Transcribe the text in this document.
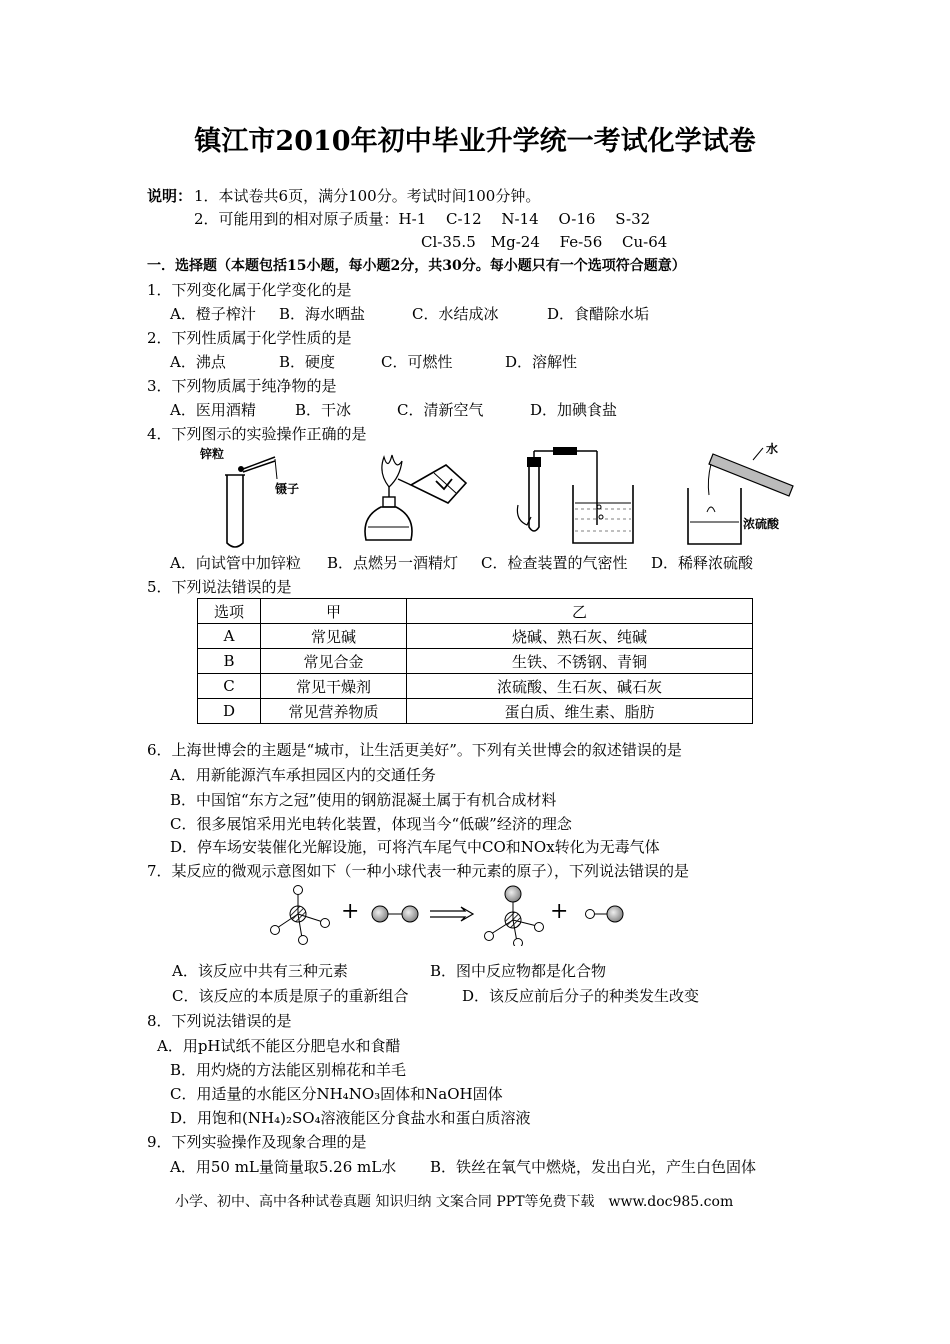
镇江市2010年初中毕业升学统一考试化学试卷
说明： 1．本试卷共6页，满分100分。考试时间100分钟。
2．可能用到的相对原子质量：H-1　 C-12　 N-14　 O-16　 S-32
Cl-35.5　Mg-24　 Fe-56　 Cu-64
一．选择题（本题包括15小题，每小题2分，共30分。每小题只有一个选项符合题意）
1．下列变化属于化学变化的是
A．橙子榨汁 B．海水晒盐	C．水结成冰	D．食醋除水垢
2．下列性质属于化学性质的是
A．沸点	B．硬度	C．可燃性	D．溶解性
3．下列物质属于纯净物的是
A．医用酒精	B．干冰	C．清新空气	D．加碘食盐
4．下列图示的实验操作正确的是
锌粒
镊子
水
浓硫酸
A．向试管中加锌粒 B．点燃另一酒精灯 C．检查装置的气密性 D．稀释浓硫酸
5．下列说法错误的是
选项	甲	乙
A	常见碱	烧碱、熟石灰、纯碱
B	常见合金	生铁、不锈钢、青铜
C	常见干燥剂	浓硫酸、生石灰、碱石灰
D	常见营养物质	蛋白质、维生素、脂肪
6．上海世博会的主题是“城市，让生活更美好”。下列有关世博会的叙述错误的是
A．用新能源汽车承担园区内的交通任务
B．中国馆“东方之冠”使用的钢筋混凝土属于有机合成材料
C．很多展馆采用光电转化装置，体现当今“低碳”经济的理念
D．停车场安装催化光解设施，可将汽车尾气中CO和NOx转化为无毒气体
7．某反应的微观示意图如下（一种小球代表一种元素的原子），下列说法错误的是
+	+
A．该反应中共有三种元素	B．图中反应物都是化合物
C．该反应的本质是原子的重新组合	D．该反应前后分子的种类发生改变
8．下列说法错误的是
A．用pH试纸不能区分肥皂水和食醋
B．用灼烧的方法能区别棉花和羊毛
C．用适量的水能区分NH₄NO₃固体和NaOH固体
D．用饱和(NH₄)₂SO₄溶液能区分食盐水和蛋白质溶液
9．下列实验操作及现象合理的是
A．用50 mL量筒量取5.26 mL水 B．铁丝在氧气中燃烧，发出白光，产生白色固体
小学、初中、高中各种试卷真题 知识归纳 文案合同 PPT等免费下载　www.doc985.com
